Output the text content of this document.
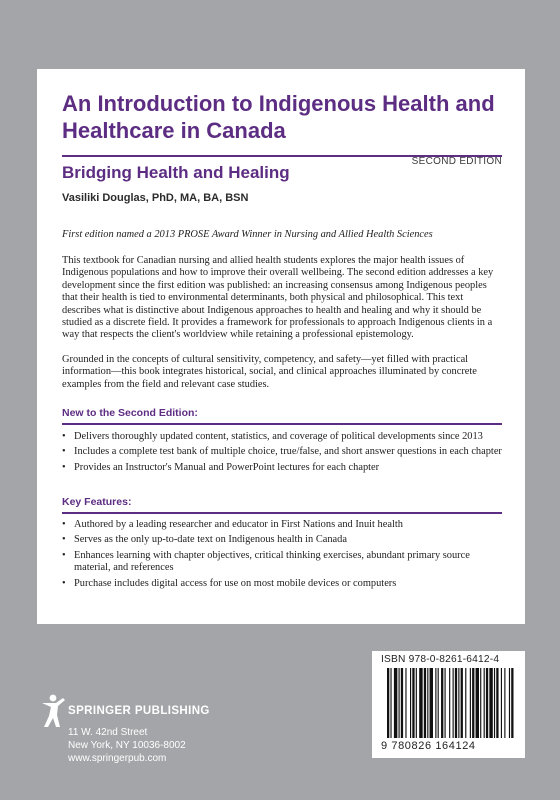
An Introduction to Indigenous Health and Healthcare in Canada
SECOND EDITION
Bridging Health and Healing
Vasiliki Douglas, PhD, MA, BA, BSN
First edition named a 2013 PROSE Award Winner in Nursing and Allied Health Sciences

This textbook for Canadian nursing and allied health students explores the major health issues of Indigenous populations and how to improve their overall wellbeing. The second edition addresses a key development since the first edition was published: an increasing consensus among Indigenous peoples that their health is tied to environmental determinants, both physical and philosophical. This text describes what is distinctive about Indigenous approaches to health and healing and why it should be studied as a discrete field. It provides a framework for professionals to approach Indigenous clients in a way that respects the client's worldview while retaining a professional epistemology.

Grounded in the concepts of cultural sensitivity, competency, and safety—yet filled with practical information—this book integrates historical, social, and clinical approaches illuminated by concrete examples from the field and relevant case studies.

New to the Second Edition:
• Delivers thoroughly updated content, statistics, and coverage of political developments since 2013
• Includes a complete test bank of multiple choice, true/false, and short answer questions in each chapter
• Provides an Instructor's Manual and PowerPoint lectures for each chapter
Key Features:
• Authored by a leading researcher and educator in First Nations and Inuit health
• Serves as the only up-to-date text on Indigenous health in Canada
• Enhances learning with chapter objectives, critical thinking exercises, abundant primary source material, and references
• Purchase includes digital access for use on most mobile devices or computers
ISBN 978-0-8261-6412-4
9 780826 164124
SPRINGER PUBLISHING
11 W. 42nd Street
New York, NY 10036-8002
www.springerpub.com
